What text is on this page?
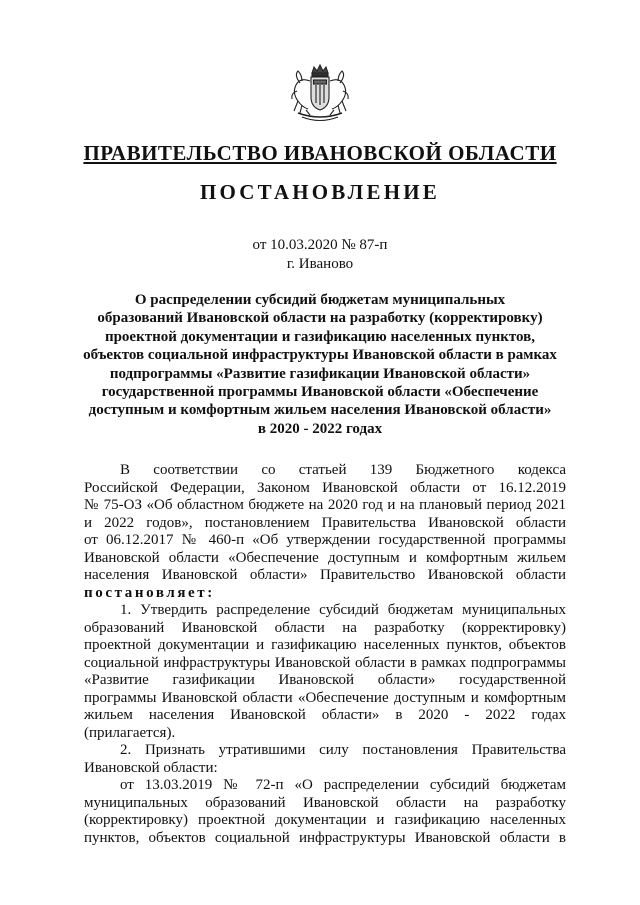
ПРАВИТЕЛЬСТВО ИВАНОВСКОЙ ОБЛАСТИ
ПОСТАНОВЛЕНИЕ
от 10.03.2020 № 87-п
г. Иваново
О распределении субсидий бюджетам муниципальных
образований Ивановской области на разработку (корректировку)
проектной документации и газификацию населенных пунктов,
объектов социальной инфраструктуры Ивановской области в рамках
подпрограммы «Развитие газификации Ивановской области»
государственной программы Ивановской области «Обеспечение
доступным и комфортным жильем населения Ивановской области»
в 2020 - 2022 годах
В соответствии со статьей 139 Бюджетного кодекса
Российской Федерации, Законом Ивановской области от 16.12.2019
№ 75-ОЗ «Об областном бюджете на 2020 год и на плановый период 2021
и 2022 годов», постановлением Правительства Ивановской области
от 06.12.2017 № 460-п «Об утверждении государственной программы
Ивановской области «Обеспечение доступным и комфортным жильем
населения Ивановской области» Правительство Ивановской области
постановляет:
1. Утвердить распределение субсидий бюджетам муниципальных
образований Ивановской области на разработку (корректировку)
проектной документации и газификацию населенных пунктов, объектов
социальной инфраструктуры Ивановской области в рамках подпрограммы
«Развитие газификации Ивановской области» государственной
программы Ивановской области «Обеспечение доступным и комфортным
жильем населения Ивановской области» в 2020 - 2022 годах
(прилагается).
2. Признать утратившими силу постановления Правительства
Ивановской области:
от 13.03.2019 № 72-п «О распределении субсидий бюджетам
муниципальных образований Ивановской области на разработку
(корректировку) проектной документации и газификацию населенных
пунктов, объектов социальной инфраструктуры Ивановской области в
